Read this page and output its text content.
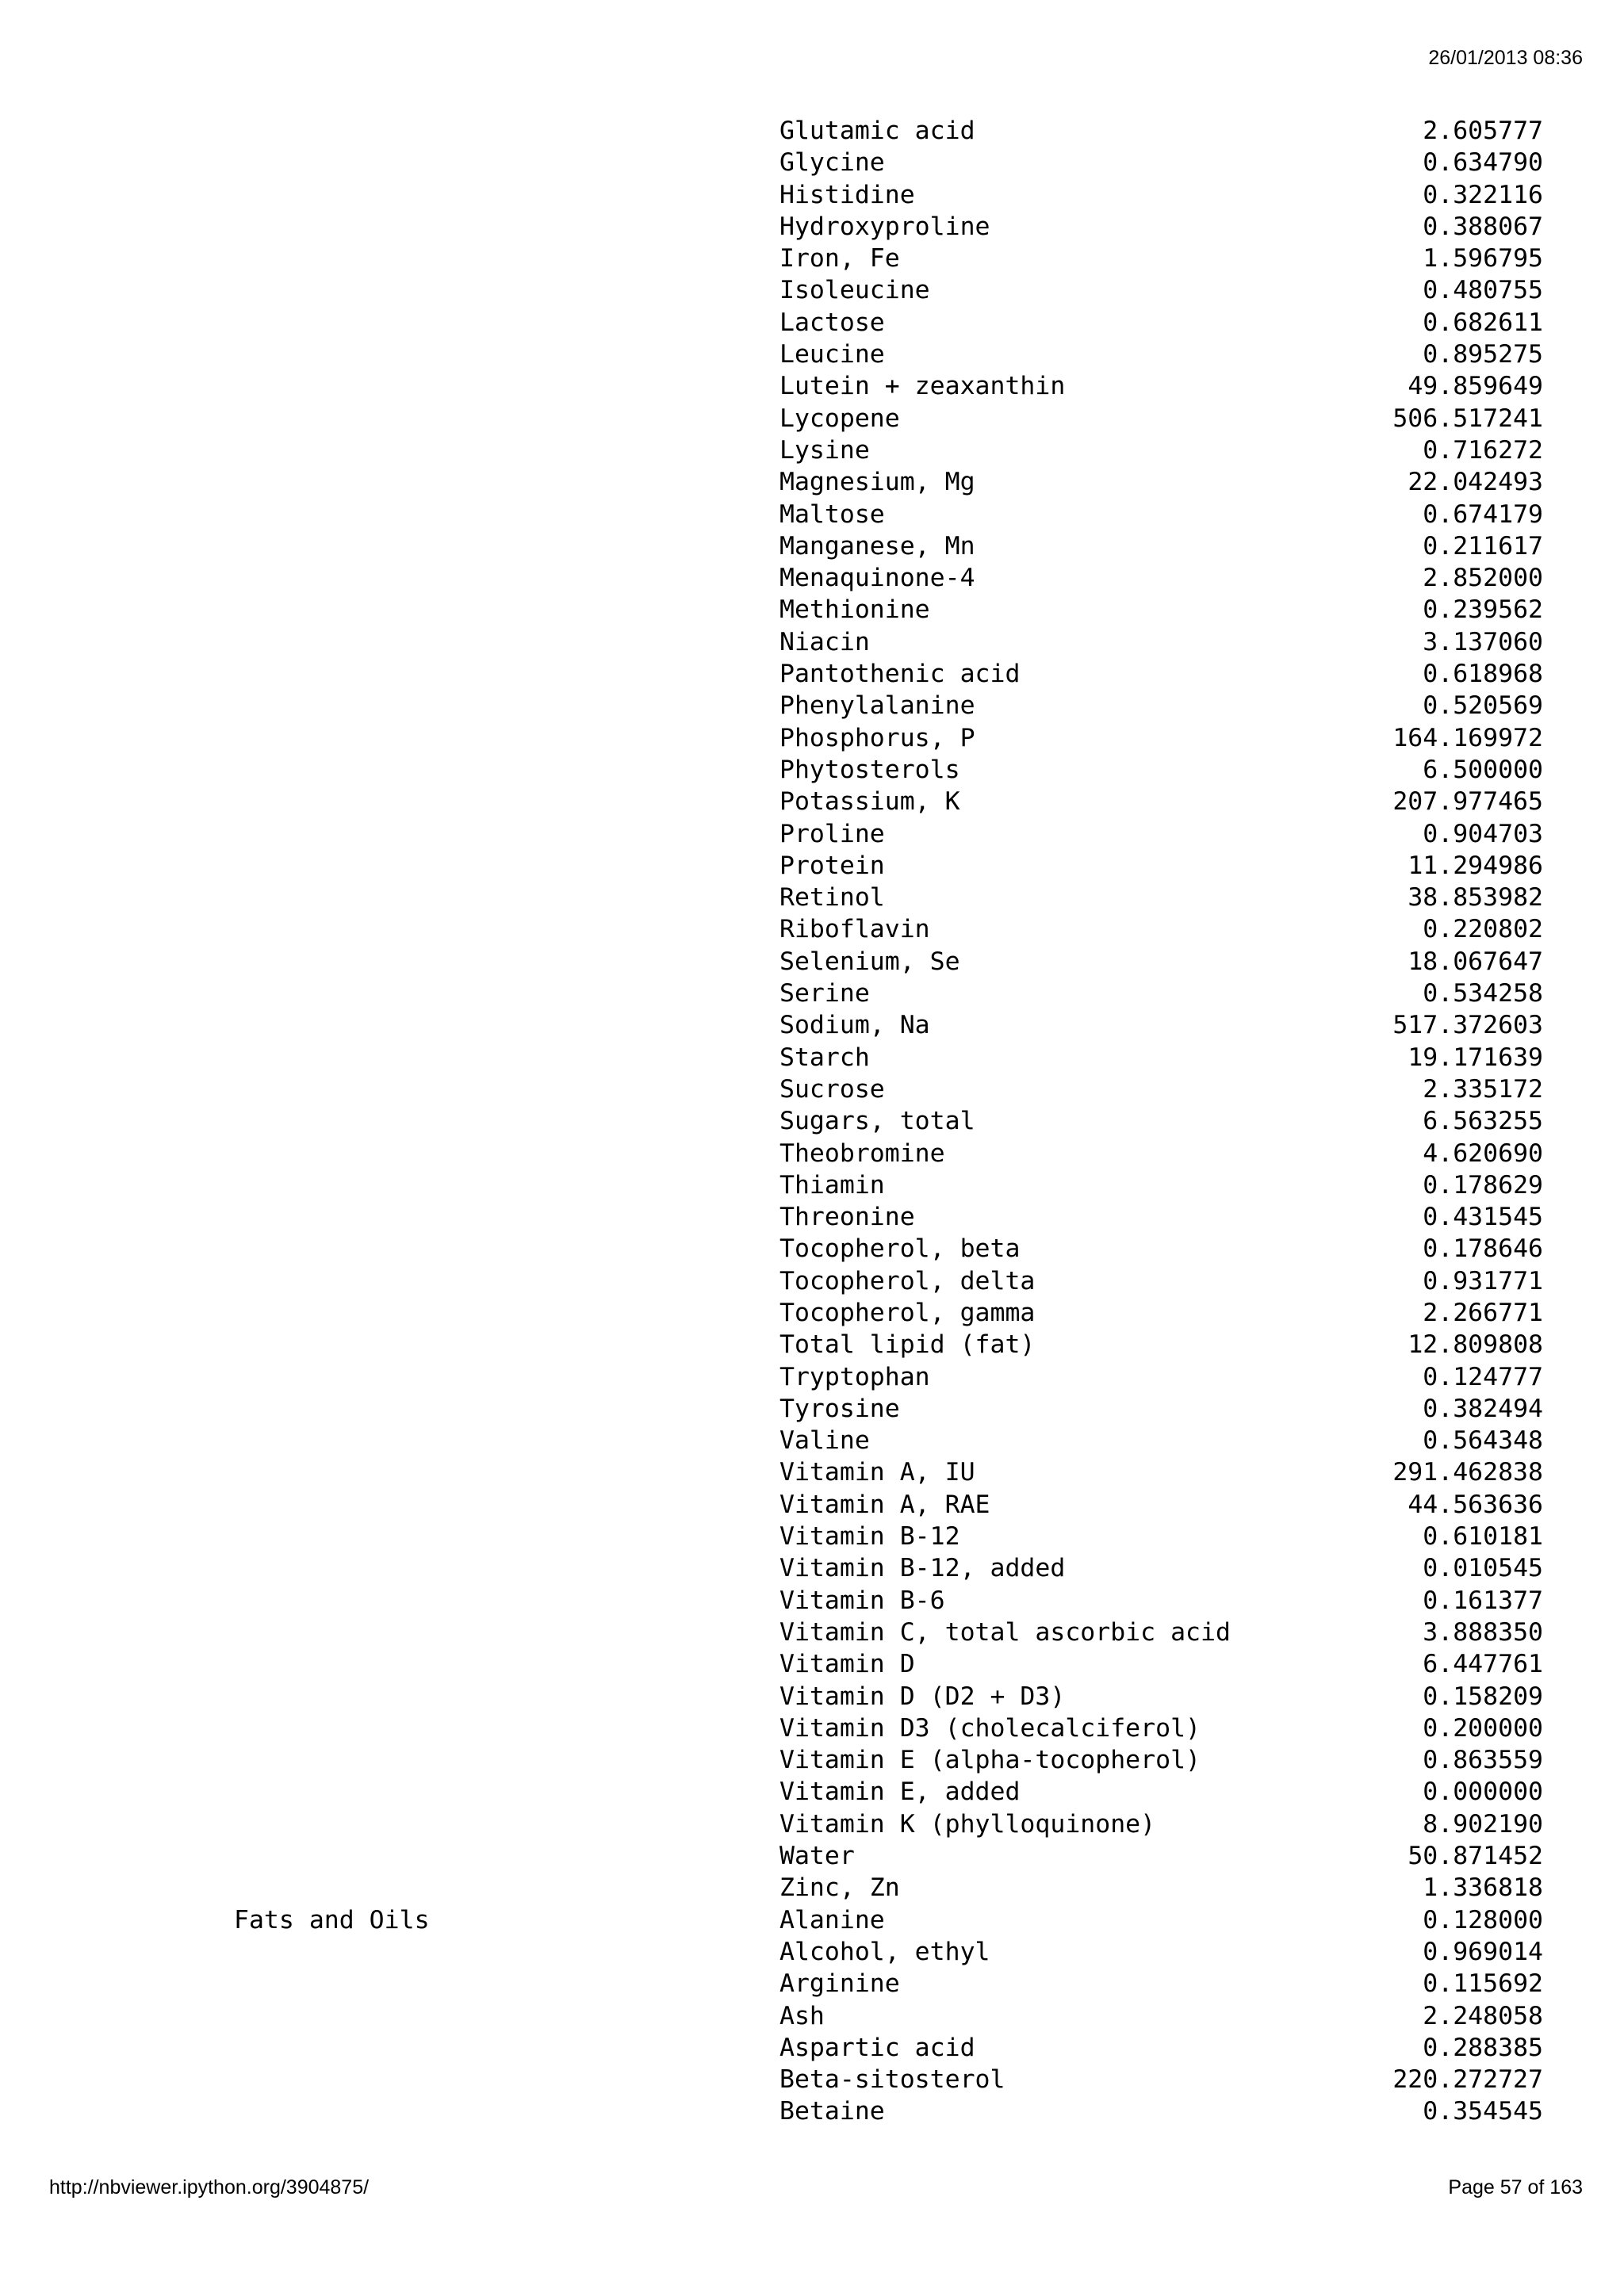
26/01/2013 08:36
Glutamic acid	2.605777
Glycine	0.634790
Histidine	0.322116
Hydroxyproline	0.388067
Iron, Fe	1.596795
Isoleucine	0.480755
Lactose	0.682611
Leucine	0.895275
Lutein + zeaxanthin	49.859649
Lycopene	506.517241
Lysine	0.716272
Magnesium, Mg	22.042493
Maltose	0.674179
Manganese, Mn	0.211617
Menaquinone-4	2.852000
Methionine	0.239562
Niacin	3.137060
Pantothenic acid	0.618968
Phenylalanine	0.520569
Phosphorus, P	164.169972
Phytosterols	6.500000
Potassium, K	207.977465
Proline	0.904703
Protein	11.294986
Retinol	38.853982
Riboflavin	0.220802
Selenium, Se	18.067647
Serine	0.534258
Sodium, Na	517.372603
Starch	19.171639
Sucrose	2.335172
Sugars, total	6.563255
Theobromine	4.620690
Thiamin	0.178629
Threonine	0.431545
Tocopherol, beta	0.178646
Tocopherol, delta	0.931771
Tocopherol, gamma	2.266771
Total lipid (fat)	12.809808
Tryptophan	0.124777
Tyrosine	0.382494
Valine	0.564348
Vitamin A, IU	291.462838
Vitamin A, RAE	44.563636
Vitamin B-12	0.610181
Vitamin B-12, added	0.010545
Vitamin B-6	0.161377
Vitamin C, total ascorbic acid	3.888350
Vitamin D	6.447761
Vitamin D (D2 + D3)	0.158209
Vitamin D3 (cholecalciferol)	0.200000
Vitamin E (alpha-tocopherol)	0.863559
Vitamin E, added	0.000000
Vitamin K (phylloquinone)	8.902190
Water	50.871452
Zinc, Zn	1.336818
Fats and Oils	Alanine	0.128000
Alcohol, ethyl	0.969014
Arginine	0.115692
Ash	2.248058
Aspartic acid	0.288385
Beta-sitosterol	220.272727
Betaine	0.354545
http://nbviewer.ipython.org/3904875/	Page 57 of 163
